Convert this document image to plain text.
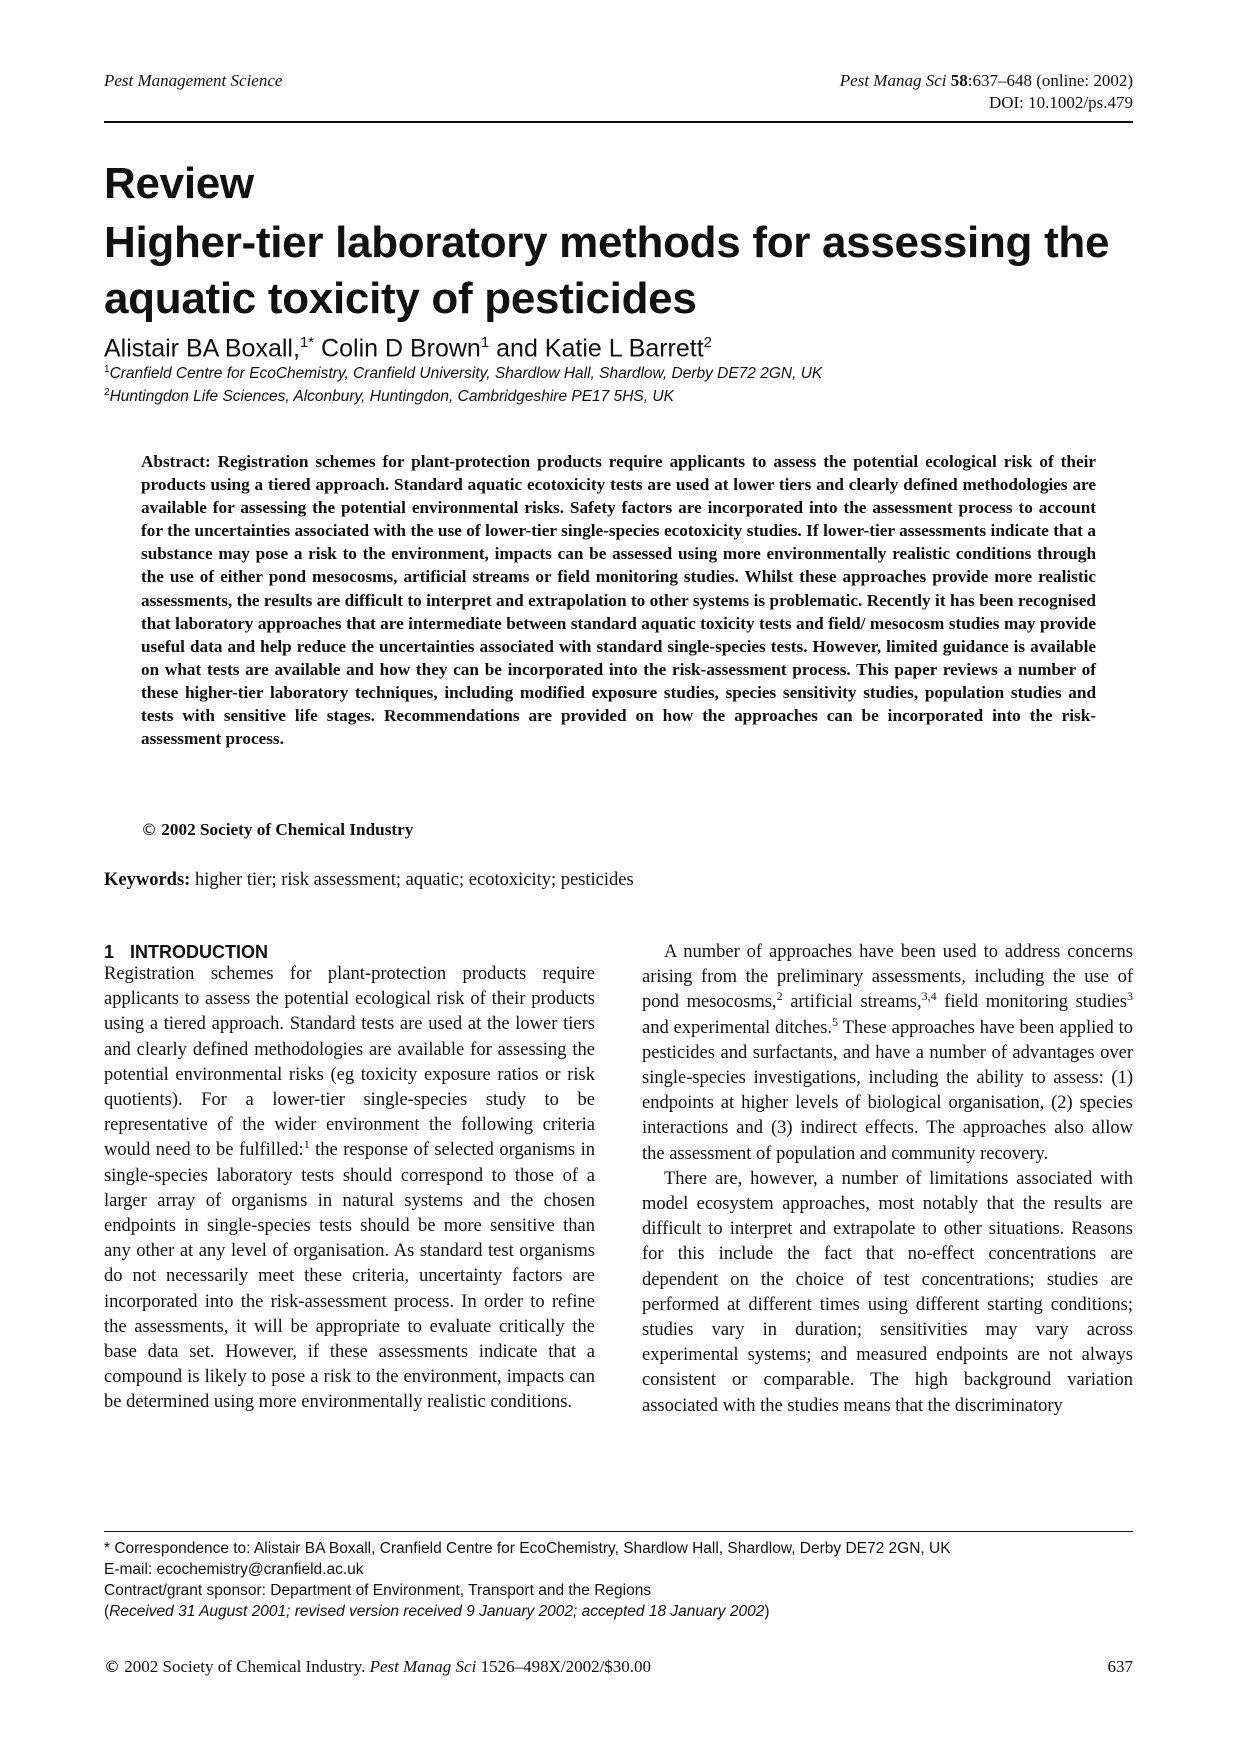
Pest Management Science	Pest Manag Sci 58:637–648 (online: 2002)
DOI: 10.1002/ps.479
Review
Higher-tier laboratory methods for assessing the aquatic toxicity of pesticides
Alistair BA Boxall,$^{1*}$ Colin D Brown$^1$ and Katie L Barrett$^2$
$^1$Cranfield Centre for EcoChemistry, Cranfield University, Shardlow Hall, Shardlow, Derby DE72 2GN, UK
$^2$Huntingdon Life Sciences, Alconbury, Huntingdon, Cambridgeshire PE17 5HS, UK

Abstract: Registration schemes for plant-protection products require applicants to assess the potential ecological risk of their products using a tiered approach. Standard aquatic ecotoxicity tests are used at lower tiers and clearly defined methodologies are available for assessing the potential environmental risks. Safety factors are incorporated into the assessment process to account for the uncertainties associated with the use of lower-tier single-species ecotoxicity studies. If lower-tier assessments indicate that a substance may pose a risk to the environment, impacts can be assessed using more environmentally realistic conditions through the use of either pond mesocosms, artificial streams or field monitoring studies. Whilst these approaches provide more realistic assessments, the results are difficult to interpret and extrapolation to other systems is problematic. Recently it has been recognised that laboratory approaches that are intermediate between standard aquatic toxicity tests and field/ mesocosm studies may provide useful data and help reduce the uncertainties associated with standard single-species tests. However, limited guidance is available on what tests are available and how they can be incorporated into the risk-assessment process. This paper reviews a number of these higher-tier laboratory techniques, including modified exposure studies, species sensitivity studies, population studies and tests with sensitive life stages. Recommendations are provided on how the approaches can be incorporated into the risk-assessment process.

© 2002 Society of Chemical Industry
Keywords: higher tier; risk assessment; aquatic; ecotoxicity; pesticides
1 INTRODUCTION

Registration schemes for plant-protection products require applicants to assess the potential ecological risk of their products using a tiered approach. Standard tests are used at the lower tiers and clearly defined methodologies are available for assessing the potential environmental risks (eg toxicity exposure ratios or risk quotients). For a lower-tier single-species study to be representative of the wider environment the following criteria would need to be fulfilled:$^1$ the response of selected organisms in single-species laboratory tests should correspond to those of a larger array of organisms in natural systems and the chosen endpoints in single-species tests should be more sensitive than any other at any level of organisation. As standard test organisms do not necessarily meet these criteria, uncertainty factors are incorporated into the risk-assessment process. In order to refine the assessments, it will be appropriate to evaluate critically the base data set. However, if these assessments indicate that a compound is likely to pose a risk to the environment, impacts can be determined using more environmentally realistic conditions.

A number of approaches have been used to address concerns arising from the preliminary assessments, including the use of pond mesocosms,$^2$ artificial streams,$^{3,4}$ field monitoring studies$^3$ and experimental ditches.$^5$ These approaches have been applied to pesticides and surfactants, and have a number of advantages over single-species investigations, including the ability to assess: (1) endpoints at higher levels of biological organisation, (2) species interactions and (3) indirect effects. The approaches also allow the assessment of population and community recovery.

There are, however, a number of limitations associated with model ecosystem approaches, most notably that the results are difficult to interpret and extrapolate to other situations. Reasons for this include the fact that no-effect concentrations are dependent on the choice of test concentrations; studies are performed at different times using different starting conditions; studies vary in duration; sensitivities may vary across experimental systems; and measured endpoints are not always consistent or comparable. The high background variation associated with the studies means that the discriminatory

* Correspondence to: Alistair BA Boxall, Cranfield Centre for EcoChemistry, Shardlow Hall, Shardlow, Derby DE72 2GN, UK
E-mail: ecochemistry@cranfield.ac.uk
Contract/grant sponsor: Department of Environment, Transport and the Regions
(Received 31 August 2001; revised version received 9 January 2002; accepted 18 January 2002)
© 2002 Society of Chemical Industry. Pest Manag Sci 1526–498X/2002/$30.00	637
